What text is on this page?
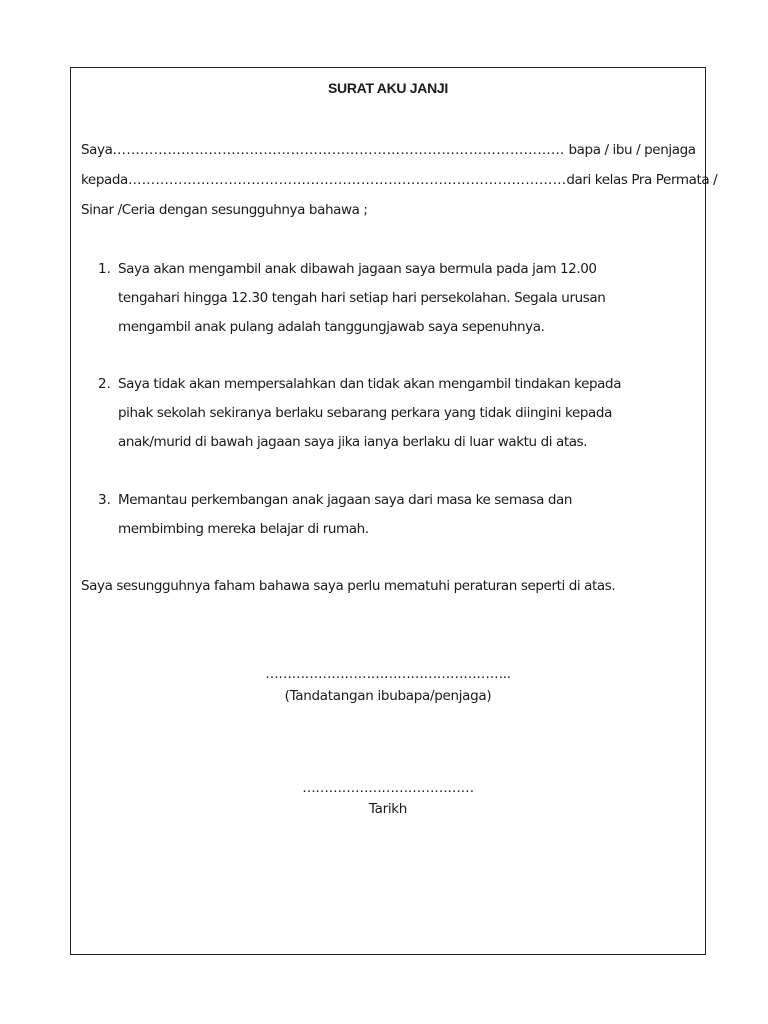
SURAT AKU JANJI
Saya……………………………………………………………………………………… bapa / ibu / penjaga
kepada……………………………………………………………………………………dari kelas Pra Permata /
Sinar /Ceria dengan sesungguhnya bahawa ;
1. Saya akan mengambil anak dibawah jagaan saya bermula pada jam 12.00
tengahari hingga 12.30 tengah hari setiap hari persekolahan. Segala urusan
mengambil anak pulang adalah tanggungjawab saya sepenuhnya.
2. Saya tidak akan mempersalahkan dan tidak akan mengambil tindakan kepada
pihak sekolah sekiranya berlaku sebarang perkara yang tidak diingini kepada
anak/murid di bawah jagaan saya jika ianya berlaku di luar waktu di atas.
3. Memantau perkembangan anak jagaan saya dari masa ke semasa dan
membimbing mereka belajar di rumah.
Saya sesungguhnya faham bahawa saya perlu mematuhi peraturan seperti di atas.
………………………………………………..
(Tandatangan ibubapa/penjaga)
…………………………………
Tarikh
